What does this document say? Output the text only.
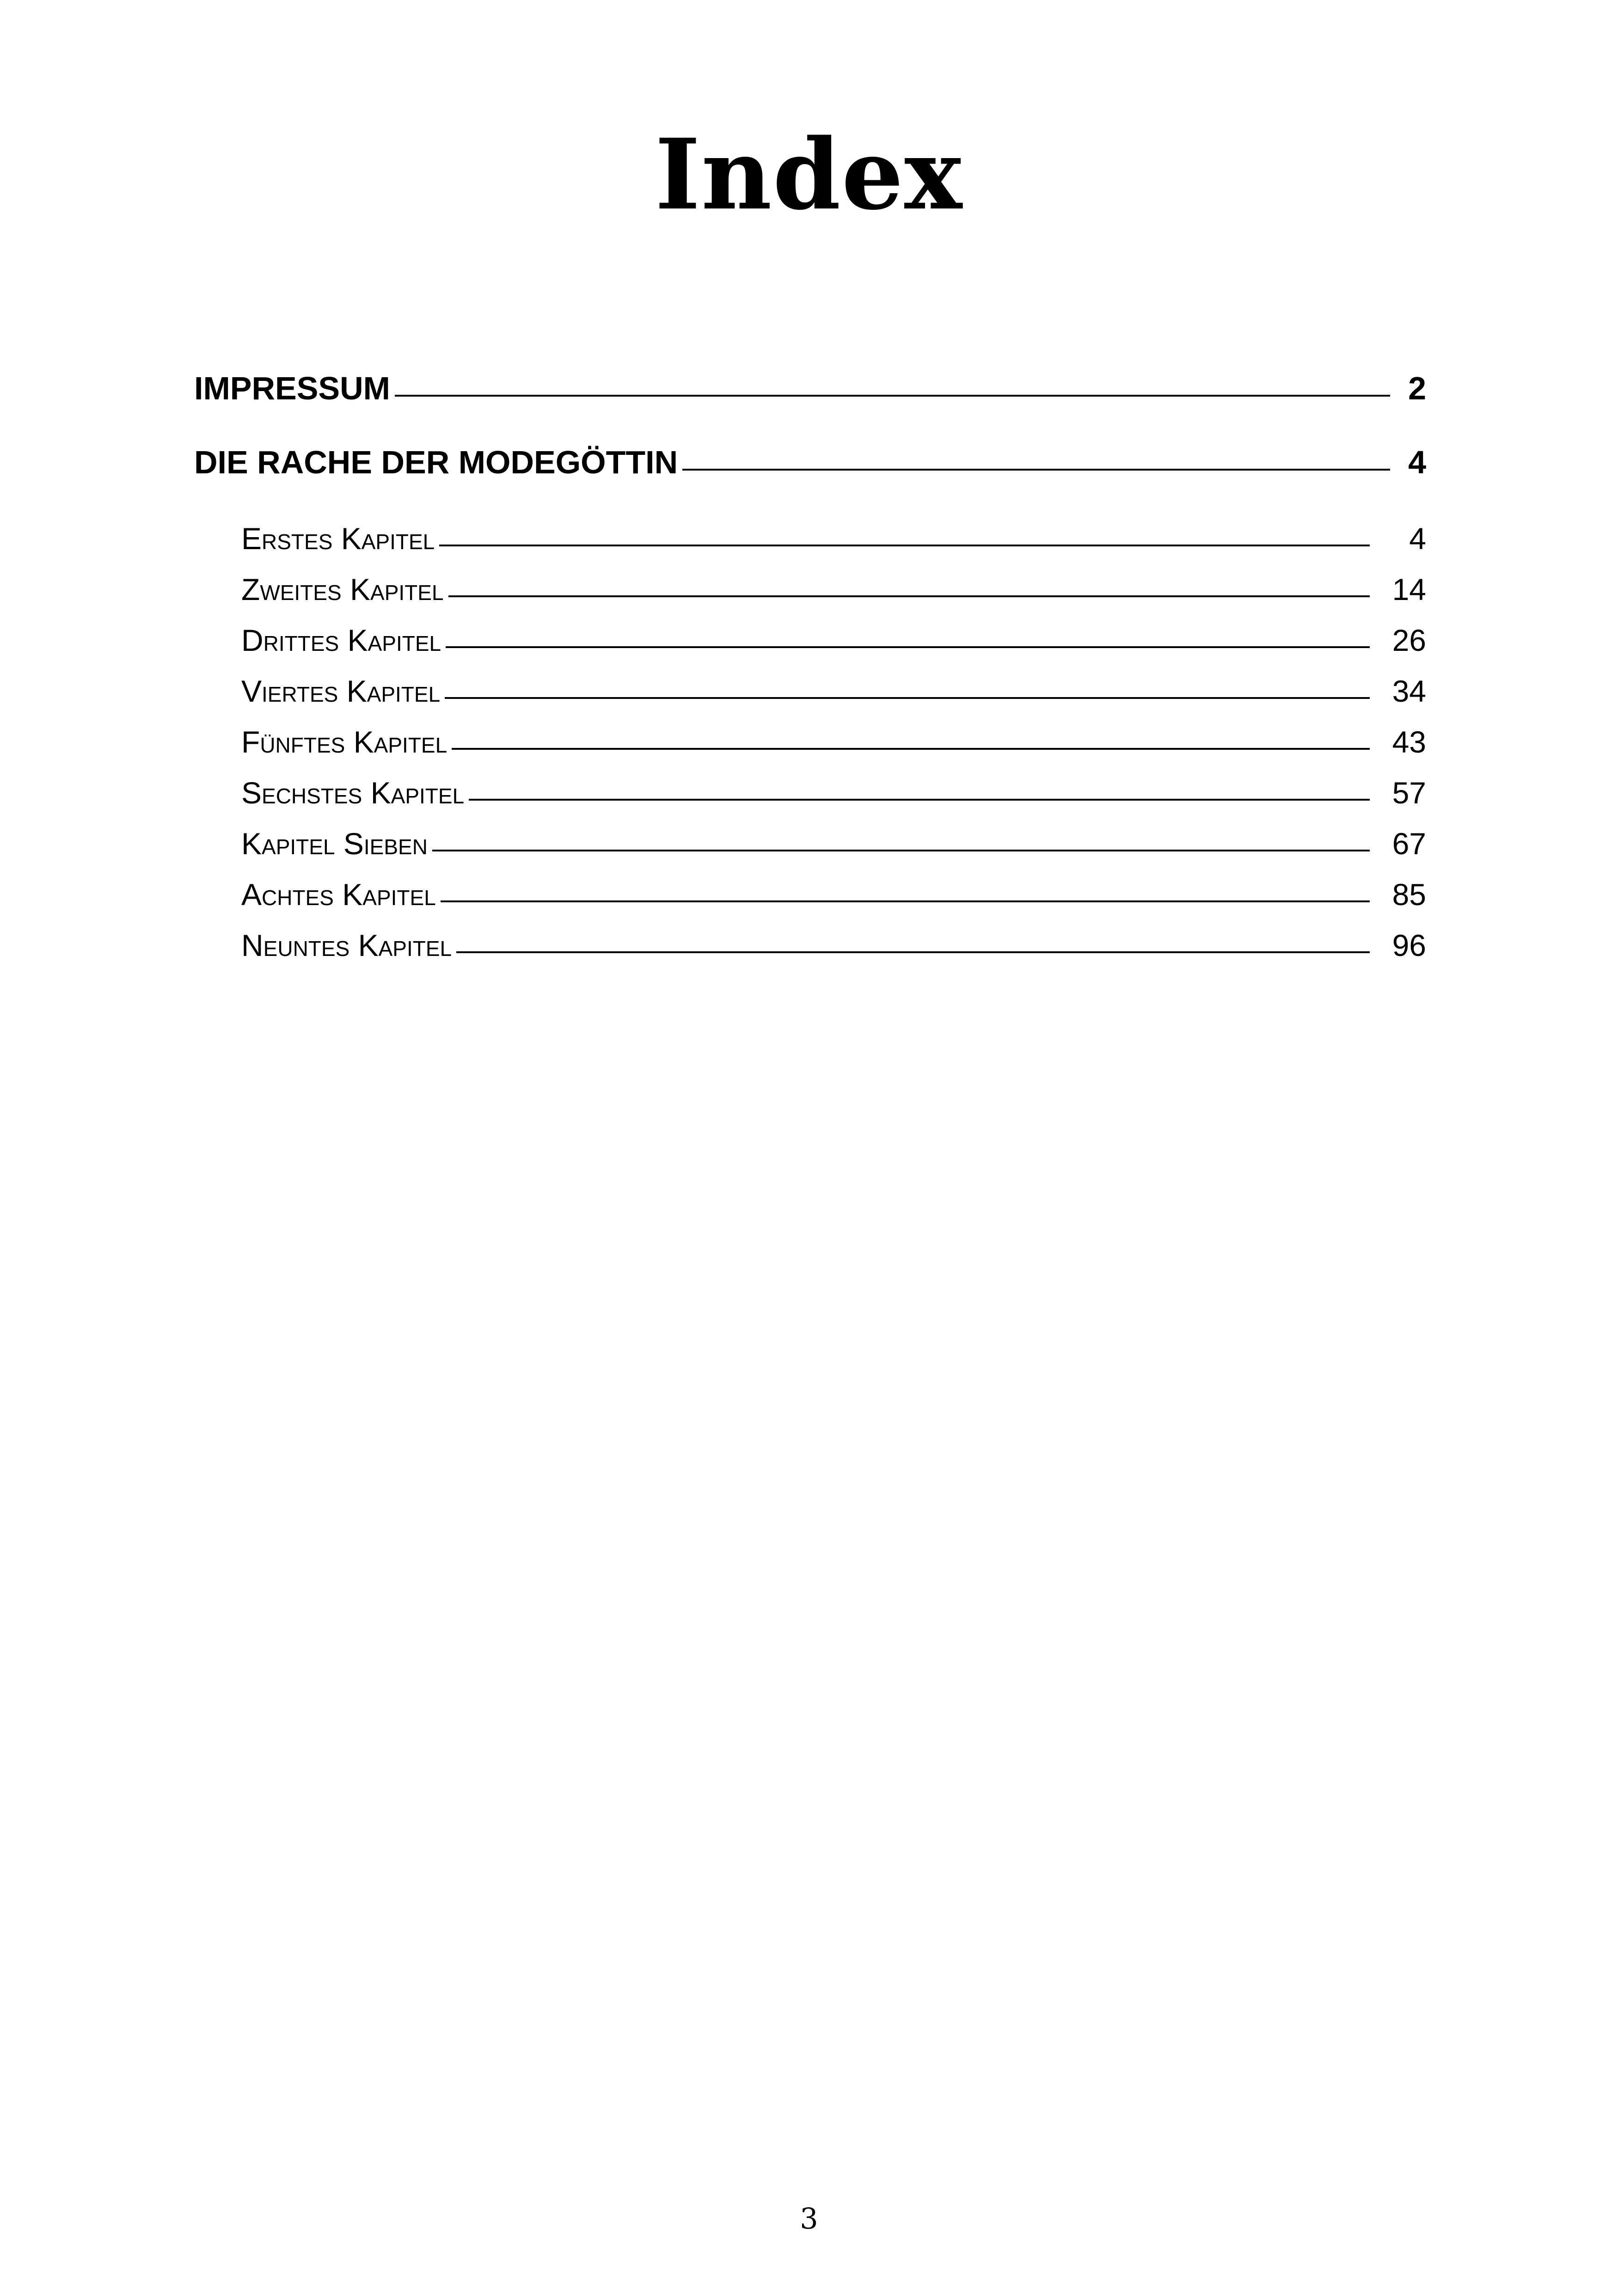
Index
IMPRESSUM	2
DIE RACHE DER MODEGÖTTIN	4
Erstes Kapitel	4
Zweites Kapitel	14
Drittes Kapitel	26
Viertes Kapitel	34
Fünftes Kapitel	43
Sechstes Kapitel	57
Kapitel Sieben	67
Achtes Kapitel	85
Neuntes Kapitel	96
3
